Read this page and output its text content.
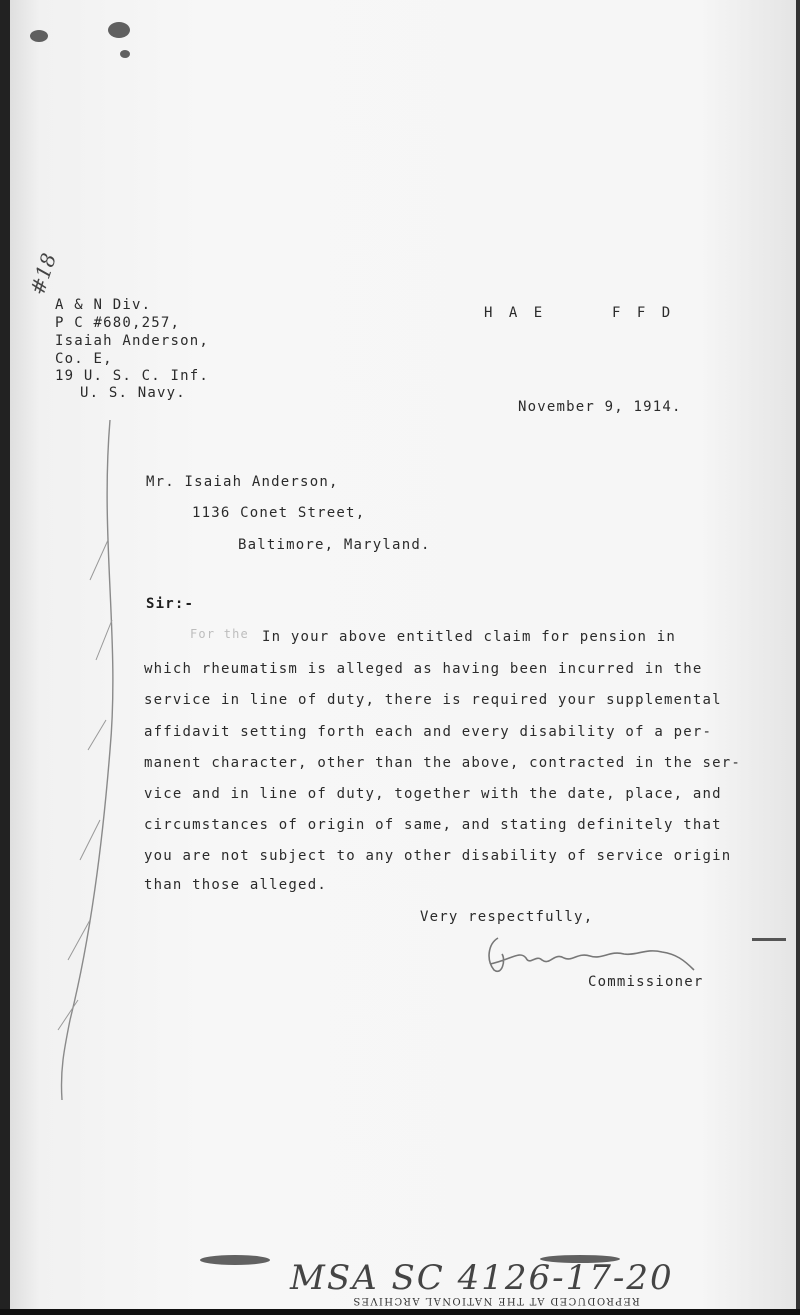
#18
A & N Div.
P C #680,257,
Isaiah Anderson,
Co. E,
19 U. S. C. Inf.
U. S. Navy.
H A E	F F D
November 9, 1914.
Mr. Isaiah Anderson,
1136 Conet Street,
Baltimore, Maryland.
Sir:-
For the In your above entitled claim for pension in
which rheumatism is alleged as having been incurred in the
service in line of duty, there is required your supplemental
affidavit setting forth each and every disability of a per-
manent character, other than the above, contracted in the ser-
vice and in line of duty, together with the date, place, and
circumstances of origin of same, and stating definitely that
you are not subject to any other disability of service origin
than those alleged.
Very respectfully,
Commissioner
MSA SC 4126-17-20
REPRODUCED AT THE NATIONAL ARCHIVES
